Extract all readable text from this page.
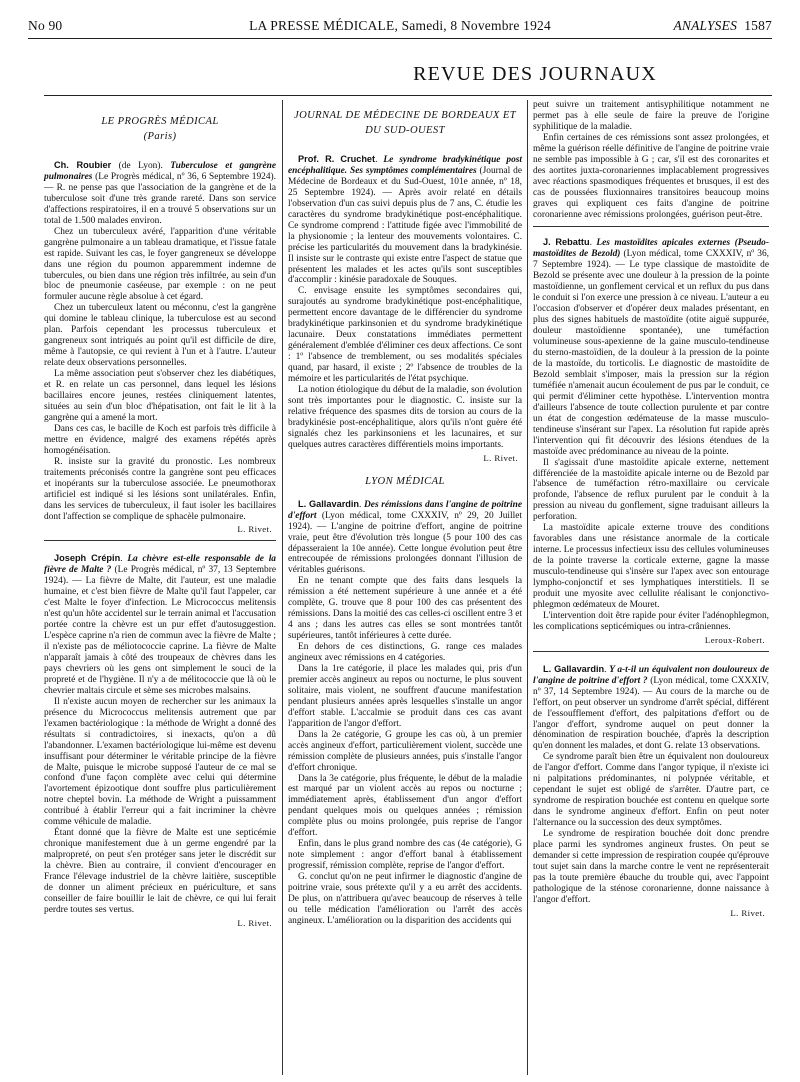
No 90	LA PRESSE MÉDICALE, Samedi, 8 Novembre 1924	ANALYSES 1587
REVUE DES JOURNAUX
LE PROGRÈS MÉDICAL
(Paris)

Ch. Roubier (de Lyon). Tuberculose et gangrène pulmonaires (Le Progrès médical, nº 36, 6 Septembre 1924). — R. ne pense pas que l'association de la gangrène et de la tuberculose soit d'une très grande rareté. Dans son service d'affections respiratoires, il en a trouvé 5 observations sur un total de 1.500 malades environ.

Chez un tuberculeux avéré, l'apparition d'une véritable gangrène pulmonaire a un tableau dramatique, et l'issue fatale est rapide. Suivant les cas, le foyer gangreneux se développe dans une région du poumon apparemment indemne de tubercules, ou bien dans une région très infiltrée, au sein d'un bloc de pneumonie caséeuse, par exemple : on ne peut formuler aucune règle absolue à cet égard.

Chez un tuberculeux latent ou méconnu, c'est la gangrène qui domine le tableau clinique, la tuberculose est au second plan. Parfois cependant les processus tuberculeux et gangreneux sont intriqués au point qu'il est difficile de dire, même à l'autopsie, ce qui revient à l'un et à l'autre. L'auteur relate deux observations personnelles.

La même association peut s'observer chez les diabétiques, et R. en relate un cas personnel, dans lequel les lésions bacillaires encore jeunes, restées cliniquement latentes, situées au sein d'un bloc d'hépatisation, ont fait le lit à la gangrène qui a amené la mort.

Dans ces cas, le bacille de Koch est parfois très difficile à mettre en évidence, malgré des examens répétés après homogénéisation.

R. insiste sur la gravité du pronostic. Les nombreux traitements préconisés contre la gangrène sont peu efficaces et inopérants sur la tuberculose associée. Le pneumothorax artificiel est indiqué si les lésions sont unilatérales. Enfin, dans les services de tuberculeux, il faut isoler les bacillaires dont l'affection se complique de sphacèle pulmonaire.

L. Rivet.

Joseph Crépin. La chèvre est-elle responsable de la fièvre de Malte ? (Le Progrès médical, nº 37, 13 Septembre 1924). — La fièvre de Malte, dit l'auteur, est une maladie humaine, et c'est bien fièvre de Malte qu'il faut l'appeler, car c'est Malte le foyer d'infection. Le Micrococcus melitensis n'est qu'un hôte accidentel sur le terrain animal et l'accusation portée contre la chèvre est un pur effet d'autosuggestion. L'espèce caprine n'a rien de commun avec la fièvre de Malte ; il n'existe pas de méliotococcie caprine. La fièvre de Malte n'apparaît jamais à côté des troupeaux de chèvres dans les pays chevriers où les gens ont simplement le souci de la propreté et de l'hygiène. Il n'y a de mélitococcie que là où le chevrier maltais circule et sème ses microbes malsains.

Il n'existe aucun moyen de rechercher sur les animaux la présence du Micrococcus melitensis autrement que par l'examen bactériologique : la méthode de Wright a donné des résultats si contradictoires, si inexacts, qu'on a dû l'abandonner. L'examen bactériologique lui-même est devenu insuffisant pour déterminer le véritable principe de la fièvre de Malte, puisque le microbe supposé l'auteur de ce mal se confond d'une façon complète avec celui qui détermine l'avortement épizootique dont souffre plus particulièrement notre cheptel bovin. La méthode de Wright a puissamment contribué à établir l'erreur qui a fait incriminer la chèvre comme véhicule de maladie.

Étant donné que la fièvre de Malte est une septicémie chronique manifestement due à un germe engendré par la malpropreté, on peut s'en protéger sans jeter le discrédit sur la chèvre. Bien au contraire, il convient d'encourager en France l'élevage industriel de la chèvre laitière, susceptible de donner un aliment précieux en puériculture, et sans conseiller de faire bouillir le lait de chèvre, ce qui lui ferait perdre toutes ses vertus.

L. Rivet.
JOURNAL DE MÉDECINE DE BORDEAUX ET DU SUD-OUEST

Prof. R. Cruchet. Le syndrome bradykinétique post encéphalitique. Ses symptômes complémentaires (Journal de Médecine de Bordeaux et du Sud-Ouest, 101e année, nº 18, 25 Septembre 1924). — Après avoir relaté en détails l'observation d'un cas suivi depuis plus de 7 ans, C. étudie les caractères du syndrome bradykinétique post-encéphalitique. Ce syndrome comprend : l'attitude figée avec l'immobilité de la physionomie ; la lenteur des mouvements volontaires. C. précise les particularités du mouvement dans la bradykinésie. Il insiste sur le contraste qui existe entre l'aspect de statue que présentent les malades et les actes qu'ils sont susceptibles d'accomplir : kinésie paradoxale de Souques.

C. envisage ensuite les symptômes secondaires qui, surajoutés au syndrome bradykinétique post-encéphalitique, permettent encore davantage de le différencier du syndrome bradykinétique parkinsonien et du syndrome bradykinétique lacunaire. Deux constatations immédiates permettent généralement d'emblée d'éliminer ces deux affections. Ce sont : 1º l'absence de tremblement, ou ses modalités spéciales quand, par hasard, il existe ; 2º l'absence de troubles de la mémoire et les particularités de l'état psychique.

La notion étiologique du début de la maladie, son évolution sont très importantes pour le diagnostic. C. insiste sur la relative fréquence des spasmes dits de torsion au cours de la bradykinésie post-encéphalitique, alors qu'ils n'ont guère été signalés chez les parkinsoniens et les lacunaires, et sur quelques autres caractères différentiels moins importants.

L. Rivet.
LYON MÉDICAL

L. Gallavardin. Des rémissions dans l'angine de poitrine d'effort (Lyon médical, tome CXXXIV, nº 29, 20 Juillet 1924). — L'angine de poitrine d'effort, angine de poitrine vraie, peut être d'évolution très longue (5 pour 100 des cas dépasseraient la 10e année). Cette longue évolution peut être entrecoupée de rémissions prolongées donnant l'illusion de véritables guérisons.

En ne tenant compte que des faits dans lesquels la rémission a été nettement supérieure à une année et a été complète, G. trouve que 8 pour 100 des cas présentent des rémissions. Dans la moitié des cas celles-ci oscillent entre 3 et 4 ans ; dans les autres cas elles se sont montrées tantôt supérieures, tantôt inférieures à cette durée.

En dehors de ces distinctions, G. range ces malades angineux avec rémissions en 4 catégories.

Dans la 1re catégorie, il place les malades qui, pris d'un premier accès angineux au repos ou nocturne, le plus souvent solitaire, mais violent, ne souffrent d'aucune manifestation pendant plusieurs années après lesquelles s'installe un angor d'effort stable. L'accalmie se produit dans ces cas avant l'apparition de l'angor d'effort.

Dans la 2e catégorie, G groupe les cas où, à un premier accès angineux d'effort, particulièrement violent, succède une rémission complète de plusieurs années, puis s'installe l'angor d'effort chronique.

Dans la 3e catégorie, plus fréquente, le début de la maladie est marqué par un violent accès au repos ou nocturne ; immédiatement après, établissement d'un angor d'effort pendant quelques mois ou quelques années ; rémission complète plus ou moins prolongée, puis reprise de l'angor d'effort.

Enfin, dans le plus grand nombre des cas (4e catégorie), G note simplement : angor d'effort banal à établissement progressif, rémission complète, reprise de l'angor d'effort.

G. conclut qu'on ne peut infirmer le diagnostic d'angine de poitrine vraie, sous prétexte qu'il y a eu arrêt des accidents. De plus, on n'attribuera qu'avec beaucoup de réserves à telle ou telle médication l'amélioration ou l'arrêt des accès angineux. L'amélioration ou la disparition des accidents qui

peut suivre un traitement antisyphilitique notamment ne permet pas à elle seule de faire la preuve de l'origine syphilitique de la maladie.

Enfin certaines de ces rémissions sont assez prolongées, et même la guérison réelle définitive de l'angine de poitrine vraie ne semble pas impossible à G ; car, s'il est des coronarites et des aortites juxta-coronariennes implacablement progressives avec réactions spasmodiques fréquentes et brusques, il est des cas de poussées fluxionnaires transitoires beaucoup moins graves qui expliquent ces faits d'angine de poitrine coronarienne avec rémissions prolongées, guérison peut-être.

J. Rebattu. Les mastoïdites apicales externes (Pseudo-mastoïdites de Bezold) (Lyon médical, tome CXXXIV, nº 36, 7 Septembre 1924). — Le type classique de mastoïdite de Bezold se présente avec une douleur à la pression de la pointe mastoïdienne, un gonflement cervical et un reflux du pus dans le conduit si l'on exerce une pression à ce niveau. L'auteur a eu l'occasion d'observer et d'opérer deux malades présentant, en plus des signes habituels de mastoïdite (otite aiguë suppurée, douleur mastoïdienne spontanée), une tuméfaction volumineuse sous-apexienne de la gaine musculo-tendineuse du sterno-mastoïdien, de la douleur à la pression de la pointe de la mastoïde, du torticolis. Le diagnostic de mastoïdite de Bezold semblait s'imposer, mais la pression sur la région tuméfiée n'amenait aucun écoulement de pus par le conduit, ce qui permit d'éliminer cette hypothèse. L'intervention montra d'ailleurs l'absence de toute collection purulente et par contre un état de congestion œdémateuse de la masse musculo-tendineuse s'insérant sur l'apex. La résolution fut rapide après l'intervention qui fit découvrir des lésions étendues de la mastoïde avec prédominance au niveau de la pointe.

Il s'agissait d'une mastoïdite apicale externe, nettement différenciée de la mastoïdite apicale interne ou de Bezold par l'absence de tuméfaction rétro-maxillaire ou cervicale profonde, l'absence de reflux purulent par le conduit à la pression au niveau du gonflement, signe traduisant ailleurs la perforation.

La mastoïdite apicale externe trouve des conditions favorables dans une résistance anormale de la corticale interne. Le processus infectieux issu des cellules volumineuses de la pointe traverse la corticale externe, gagne la masse musculo-tendineuse qui s'insère sur l'apex avec son entourage lympho-conjonctif et ses lymphatiques interstitiels. Il se produit une myosite avec cellulite réalisant le conjonctivo-phlegmon œdémateux de Mouret.

L'intervention doit être rapide pour éviter l'adénophlegmon, les complications septicémiques ou intra-crâniennes.

Leroux-Robert.

L. Gallavardin. Y a-t-il un équivalent non douloureux de l'angine de poitrine d'effort ? (Lyon médical, tome CXXXIV, nº 37, 14 Septembre 1924). — Au cours de la marche ou de l'effort, on peut observer un syndrome d'arrêt spécial, différent de l'essoufflement d'effort, des palpitations d'effort ou de l'angor d'effort, syndrome auquel on peut donner la dénomination de respiration bouchée, d'après la description qu'en donnent les malades, et dont G. relate 13 observations.

Ce syndrome paraît bien être un équivalent non douloureux de l'angor d'effort. Comme dans l'angor typique, il n'existe ici ni palpitations prédominantes, ni polypnée véritable, et cependant le sujet est obligé de s'arrêter. D'autre part, ce syndrome de respiration bouchée est contenu en quelque sorte dans le syndrome angineux d'effort. Enfin on peut noter l'alternance ou la succession des deux symptômes.

Le syndrome de respiration bouchée doit donc prendre place parmi les syndromes angineux frustes. On peut se demander si cette impression de respiration coupée qu'éprouve tout sujet sain dans la marche contre le vent ne représenterait pas la toute première ébauche du trouble qui, avec l'appoint pathologique de la sténose coronarienne, donne naissance à l'angor d'effort.

L. Rivet.
